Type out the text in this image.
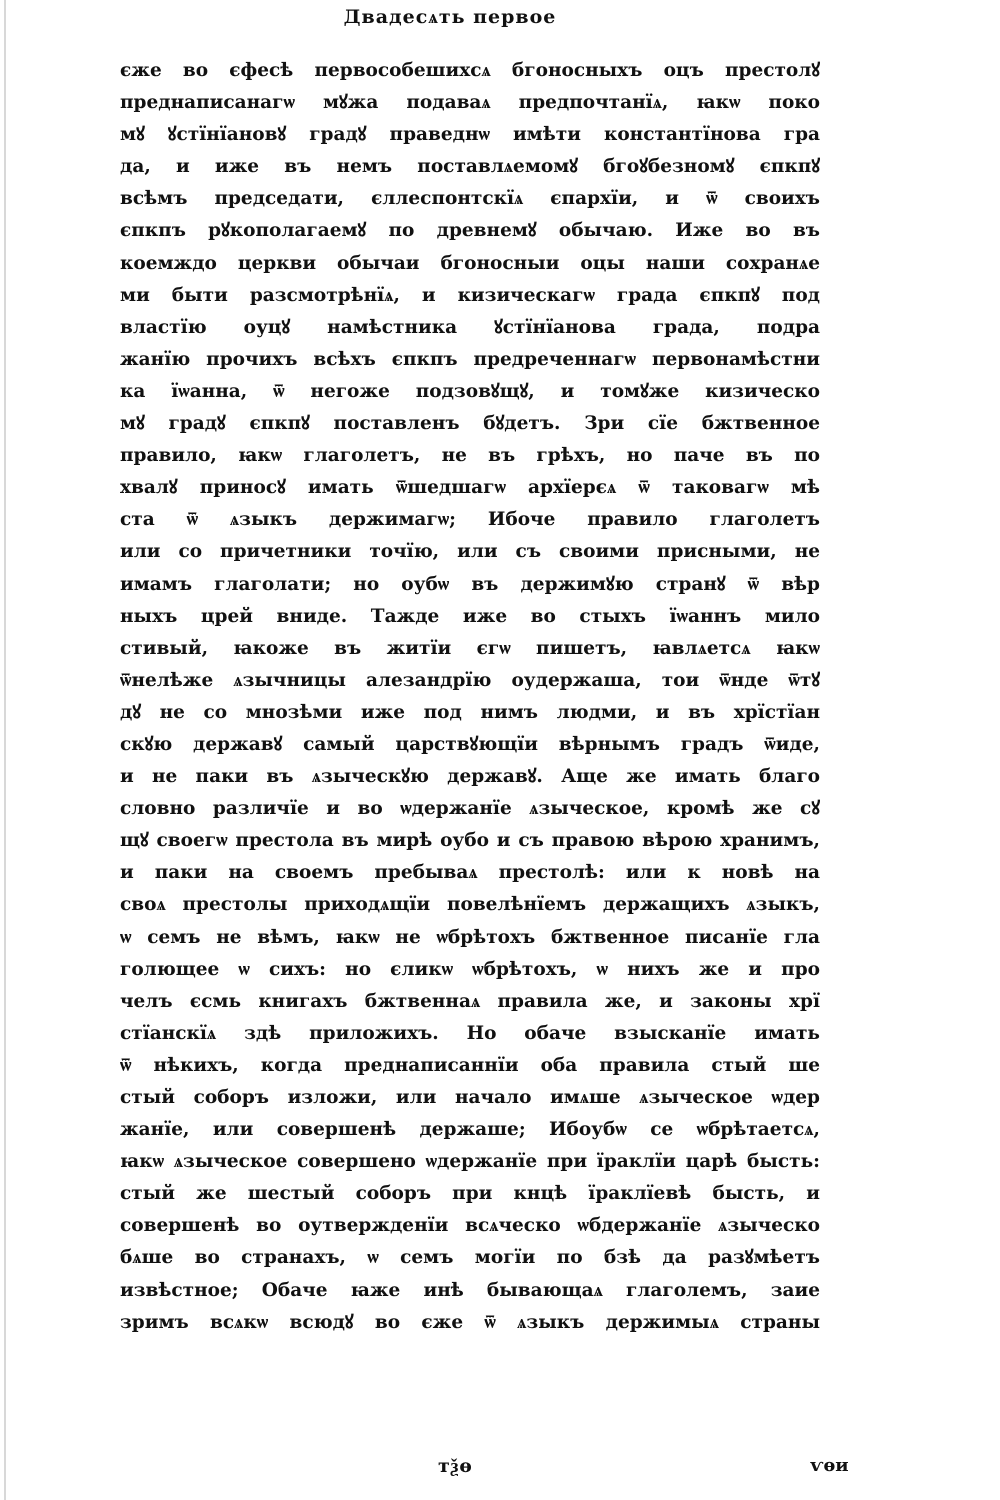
Двадесѧть первое
єже во єфесѣ первособешихсѧ бгоносныхъ оцъ престолꙋ
преднаписанагѡ мꙋжа подаваѧ предпочтанїѧ, ꙗкѡ поко
мꙋ ꙋстїнїановꙋ градꙋ праведнѡ имѣти константїнова гра
да, и иже въ немъ поставлѧемомꙋ бгоꙋбезномꙋ єпкпꙋ
всѣмъ председати, єллеспонтскїѧ єпархїи, и ѿ своихъ
єпкпъ рꙋкополагаемꙋ по древнемꙋ обычаю. Иже во въ
коемждо церкви обычаи бгоносныи оцы наши сохранѧе
ми быти разсмотрѣнїѧ, и кизическагѡ града єпкпꙋ под
властїю оуцꙋ намѣстника ꙋстїнїанова града, подра
жанїю прочихъ всѣхъ єпкпъ предреченнагѡ первонамѣстни
ка їѡанна, ѿ негоже подзовꙋщꙋ, и томꙋже кизическо
мꙋ градꙋ єпкпꙋ поставленъ бꙋдетъ. Зри сїе бжтвенное
правило, ꙗкѡ глаголетъ, не въ грѣхъ, но паче въ по
хвалꙋ приносꙋ имать ѿшедшагѡ архїерєѧ ѿ таковагѡ мѣ
ста ѿ ѧзыкъ держимагѡ; Ибоче правило глаголетъ
или со причетники точїю, или съ своими присными, не
имамъ глаголати; но оубѡ въ держимꙋю странꙋ ѿ вѣр
ныхъ црей вниде. Тажде иже во стыхъ їѡаннъ мило
стивый, ꙗкоже въ житїи єгѡ пишетъ, ꙗвлѧетсѧ ꙗкѡ
ѿнелѣже ѧзычницы алезандрїю оудержаша, тои ѿнде ѿтꙋ
дꙋ не со мнозѣми иже под нимъ людми, и въ хрїстїан
скꙋю державꙋ самый царствꙋющїи вѣрнымъ градъ ѿиде,
и не паки въ ѧзыческꙋю державꙋ. Аще же имать благо
словно различїе и во ѡдержанїе ѧзыческое, кромѣ же сꙋ
щꙋ своегѡ престола въ мирѣ оубо и съ правою вѣрою хранимъ,
и паки на своемъ пребываѧ престолѣ: или к новѣ на
своѧ престолы приходѧщїи повелѣнїемъ держащихъ ѧзыкъ,
ѡ семъ не вѣмъ, ꙗкѡ не ѡбрѣтохъ бжтвенное писанїе гла
голющее ѡ сихъ: но єликѡ ѡбрѣтохъ, ѡ нихъ же и про
челъ єсмь книгахъ бжтвеннаѧ правила же, и законы хрї
стїанскїѧ здѣ приложихъ. Но обаче взысканїе имать
ѿ нѣкихъ, когда преднаписаннїи оба правила стый ше
стый соборъ изложи, или начало имѧше ѧзыческое ѡдер
жанїе, или совершенѣ держаше; Ибоубѡ се ѡбрѣтаетсѧ,
ꙗкѡ ѧзыческое совершено ѡдержанїе при їраклїи царѣ бысть:
стый же шестый соборъ при кнцѣ їраклїевѣ бысть, и
совершенѣ во оутвержденїи всѧческо ѡбдержанїе ѧзыческо
бѧше во странахъ, ѡ семъ могїи по бзѣ да разꙋмѣетъ
извѣстное; Обаче ꙗже инѣ бывающаѧ глаголемъ, заие
зримъ всѧкѡ всюдꙋ во єже ѿ ѧзыкъ держимыѧ страны
тѯѳ	ѵѳи
